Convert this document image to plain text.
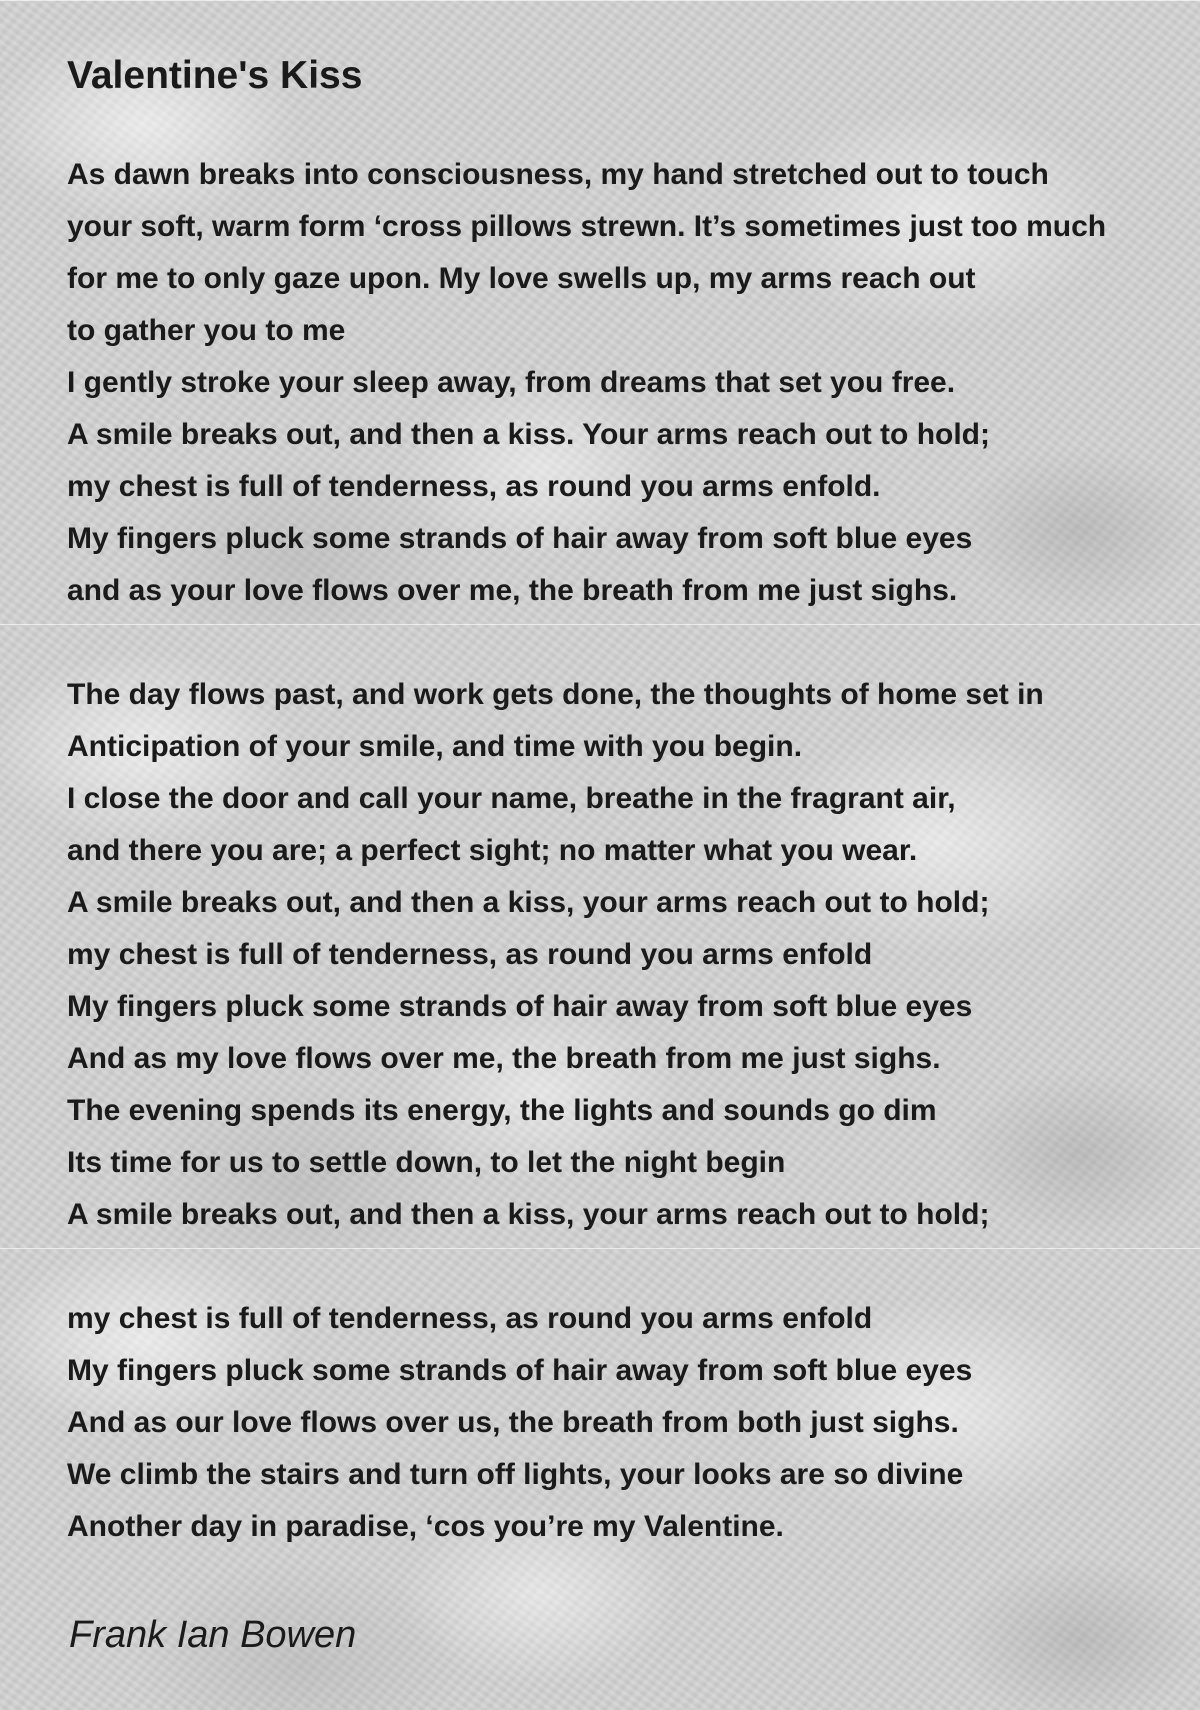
Valentine's Kiss
As dawn breaks into consciousness, my hand stretched out to touch
your soft, warm form ‘cross pillows strewn. It’s sometimes just too much
for me to only gaze upon. My love swells up, my arms reach out
to gather you to me
I gently stroke your sleep away, from dreams that set you free.
A smile breaks out, and then a kiss. Your arms reach out to hold;
my chest is full of tenderness, as round you arms enfold.
My fingers pluck some strands of hair away from soft blue eyes
and as your love flows over me, the breath from me just sighs.
The day flows past, and work gets done, the thoughts of home set in
Anticipation of your smile, and time with you begin.
I close the door and call your name, breathe in the fragrant air,
and there you are; a perfect sight; no matter what you wear.
A smile breaks out, and then a kiss, your arms reach out to hold;
my chest is full of tenderness, as round you arms enfold
My fingers pluck some strands of hair away from soft blue eyes
And as my love flows over me, the breath from me just sighs.
The evening spends its energy, the lights and sounds go dim
Its time for us to settle down, to let the night begin
A smile breaks out, and then a kiss, your arms reach out to hold;
my chest is full of tenderness, as round you arms enfold
My fingers pluck some strands of hair away from soft blue eyes
And as our love flows over us, the breath from both just sighs.
We climb the stairs and turn off lights, your looks are so divine
Another day in paradise, ‘cos you’re my Valentine.
Frank Ian Bowen
